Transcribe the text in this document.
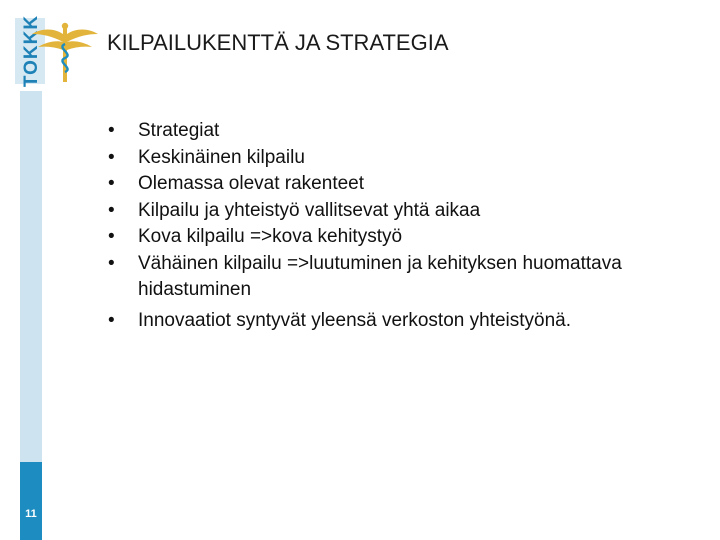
TOKKK
11
KILPAILUKENTTÄ JA STRATEGIA
•	Strategiat
•	Keskinäinen kilpailu
•	Olemassa olevat rakenteet
•	Kilpailu ja yhteistyö vallitsevat yhtä aikaa
•	Kova kilpailu =>kova kehitystyö
•	Vähäinen kilpailu =>luutuminen ja kehityksen huomattava hidastuminen
•	Innovaatiot syntyvät yleensä verkoston yhteistyönä.
